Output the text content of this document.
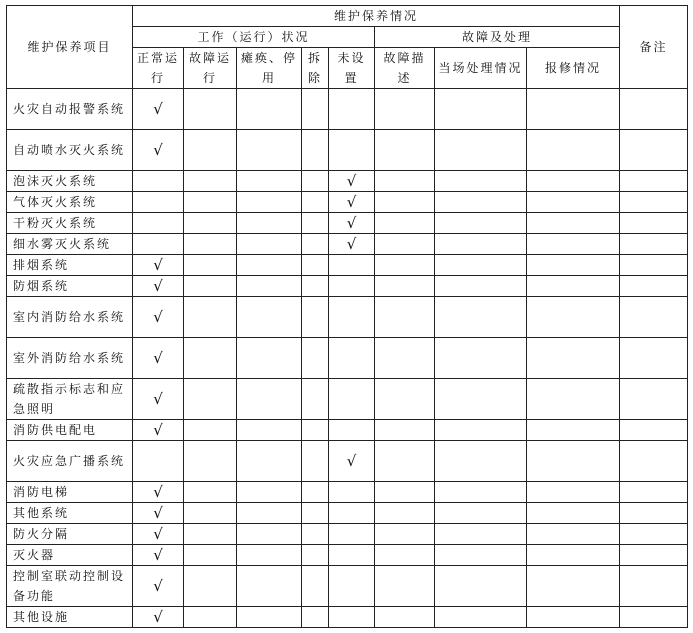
维护保养项目	维护保养情况								备注
	工作（运行）状况					故障及处理			
	正常运行	故障运行	瘫痪、停用	拆除	未设置	故障描述	当场处理情况	报修情况	
火灾自动报警系统	√								
自动喷水灭火系统	√								
泡沫灭火系统					√				
气体灭火系统					√				
干粉灭火系统					√				
细水雾灭火系统					√				
排烟系统	√								
防烟系统	√								
室内消防给水系统	√								
室外消防给水系统	√								
疏散指示标志和应急照明	√								
消防供电配电	√								
火灾应急广播系统					√				
消防电梯	√								
其他系统	√								
防火分隔	√								
灭火器	√								
控制室联动控制设备功能	√								
其他设施	√								
